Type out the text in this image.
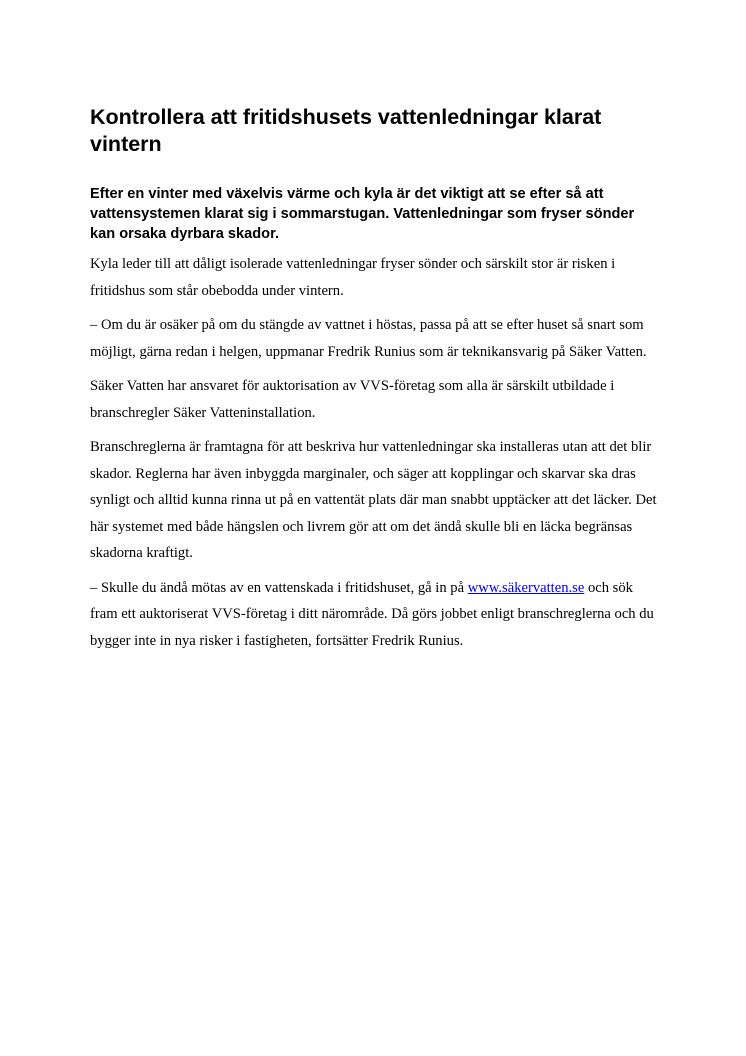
Kontrollera att fritidshusets vattenledningar klarat vintern

Efter en vinter med växelvis värme och kyla är det viktigt att se efter så att vattensystemen klarat sig i sommarstugan. Vattenledningar som fryser sönder kan orsaka dyrbara skador.

Kyla leder till att dåligt isolerade vattenledningar fryser sönder och särskilt stor är risken i fritidshus som står obebodda under vintern.

– Om du är osäker på om du stängde av vattnet i höstas, passa på att se efter huset så snart som möjligt, gärna redan i helgen, uppmanar Fredrik Runius som är teknikansvarig på Säker Vatten.

Säker Vatten har ansvaret för auktorisation av VVS-företag som alla är särskilt utbildade i branschregler Säker Vatteninstallation.

Branschreglerna är framtagna för att beskriva hur vattenledningar ska installeras utan att det blir skador. Reglerna har även inbyggda marginaler, och säger att kopplingar och skarvar ska dras synligt och alltid kunna rinna ut på en vattentät plats där man snabbt upptäcker att det läcker. Det här systemet med både hängslen och livrem gör att om det ändå skulle bli en läcka begränsas skadorna kraftigt.

– Skulle du ändå mötas av en vattenskada i fritidshuset, gå in på www.säkervatten.se och sök fram ett auktoriserat VVS-företag i ditt närområde. Då görs jobbet enligt branschreglerna och du bygger inte in nya risker i fastigheten, fortsätter Fredrik Runius.
